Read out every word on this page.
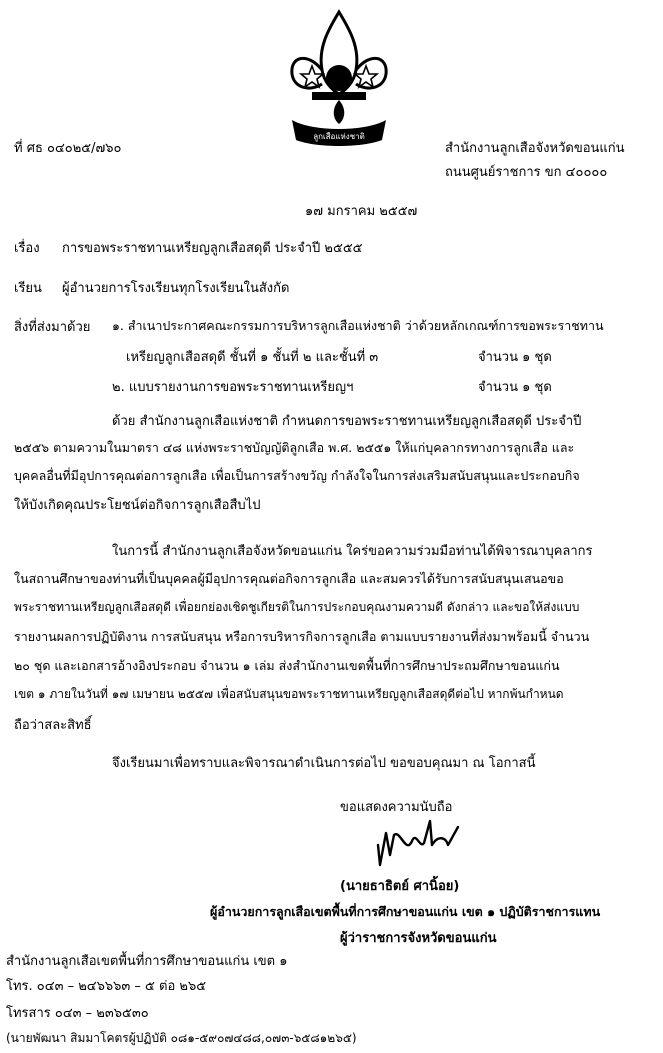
ลูกเสือแห่งชาติ
ที่ ศธ ๐๔๐๒๕/๗๖๐	สำนักงานลูกเสือจังหวัดขอนแก่น
ถนนศูนย์ราชการ ขก ๔๐๐๐๐
๑๗ มกราคม ๒๕๕๗
เรื่อง การขอพระราชทานเหรียญลูกเสือสดุดี ประจำปี ๒๕๕๕
เรียน ผู้อำนวยการโรงเรียนทุกโรงเรียนในสังกัด
สิ่งที่ส่งมาด้วย ๑. สำเนาประกาศคณะกรรมการบริหารลูกเสือแห่งชาติ ว่าด้วยหลักเกณฑ์การขอพระราชทาน
เหรียญลูกเสือสดุดี ชั้นที่ ๑ ชั้นที่ ๒ และชั้นที่ ๓	จำนวน ๑ ชุด
๒. แบบรายงานการขอพระราชทานเหรียญฯ	จำนวน ๑ ชุด
ด้วย สำนักงานลูกเสือแห่งชาติ กำหนดการขอพระราชทานเหรียญลูกเสือสดุดี ประจำปี
๒๕๕๖ ตามความในมาตรา ๔๘ แห่งพระราชบัญญัติลูกเสือ พ.ศ. ๒๕๕๑ ให้แก่บุคลากรทางการลูกเสือ และ
บุคคลอื่นที่มีอุปการคุณต่อการลูกเสือ เพื่อเป็นการสร้างขวัญ กำลังใจในการส่งเสริมสนับสนุนและประกอบกิจ
ให้บังเกิดคุณประโยชน์ต่อกิจการลูกเสือสืบไป
ในการนี้ สำนักงานลูกเสือจังหวัดขอนแก่น ใคร่ขอความร่วมมือท่านได้พิจารณาบุคลากร
ในสถานศึกษาของท่านที่เป็นบุคคลผู้มีอุปการคุณต่อกิจการลูกเสือ และสมควรได้รับการสนับสนุนเสนอขอ
พระราชทานเหรียญลูกเสือสดุดี เพื่อยกย่องเชิดชูเกียรติในการประกอบคุณงามความดี ดังกล่าว และขอให้ส่งแบบ
รายงานผลการปฏิบัติงาน การสนับสนุน หรือการบริหารกิจการลูกเสือ ตามแบบรายงานที่ส่งมาพร้อมนี้ จำนวน
๒๐ ชุด และเอกสารอ้างอิงประกอบ จำนวน ๑ เล่ม ส่งสำนักงานเขตพื้นที่การศึกษาประถมศึกษาขอนแก่น
เขต ๑ ภายในวันที่ ๑๗ เมษายน ๒๕๕๗ เพื่อสนับสนุนขอพระราชทานเหรียญลูกเสือสดุดีต่อไป หากพ้นกำหนด
ถือว่าสละสิทธิ์
จึงเรียนมาเพื่อทราบและพิจารณาดำเนินการต่อไป ขอขอบคุณมา ณ โอกาสนี้
ขอแสดงความนับถือ
(นายธาธิตย์ ศานิ้อย)
ผู้อำนวยการลูกเสือเขตพื้นที่การศึกษาขอนแก่น เขต ๑ ปฏิบัติราชการแทน
ผู้ว่าราชการจังหวัดขอนแก่น
สำนักงานลูกเสือเขตพื้นที่การศึกษาขอนแก่น เขต ๑
โทร. ๐๔๓ – ๒๔๖๖๖๓ – ๕ ต่อ ๒๖๕
โทรสาร ๐๔๓ – ๒๓๖๕๓๐
(นายพัฒนา สิมมาโคตรผู้ปฏิบัติ ๐๘๑-๕๙๐๗๔๘๘,๐๗๓-๖๕๘๑๒๖๕)
